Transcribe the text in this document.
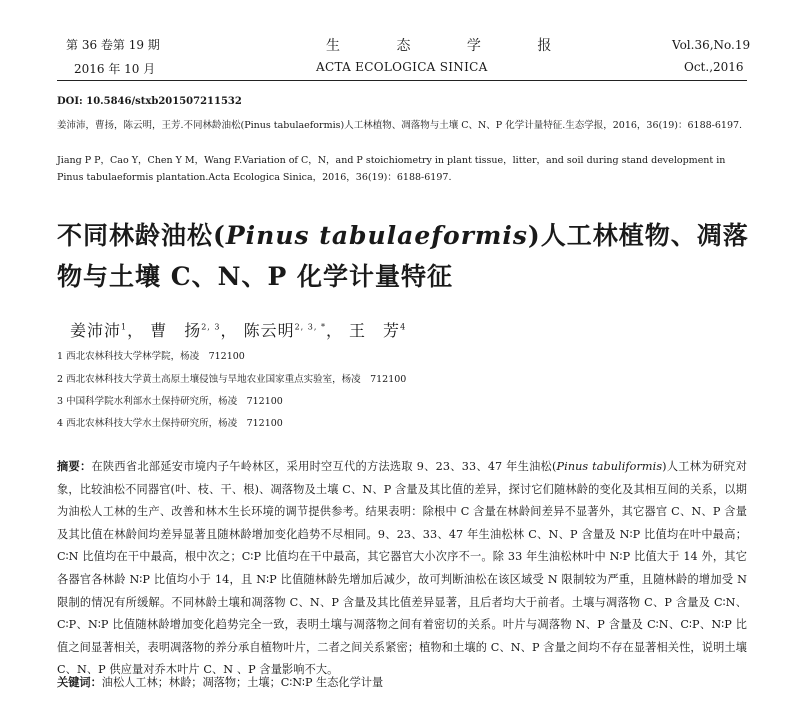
第 36 卷第 19 期
2016 年 10 月
生 态 学 报
ACTA ECOLOGICA SINICA
Vol.36,No.19
Oct.,2016
DOI: 10.5846/stxb201507211532
姜沛沛，曹扬，陈云明，王芳.不同林龄油松(Pinus tabulaeformis)人工林植物、凋落物与土壤 C、N、P 化学计量特征.生态学报，2016，36(19)：6188-6197.
Jiang P P，Cao Y，Chen Y M，Wang F.Variation of C，N，and P stoichiometry in plant tissue，litter，and soil during stand development in Pinus tabulaeformis plantation.Acta Ecologica Sinica，2016，36(19)：6188-6197.
不同林龄油松(Pinus tabulaeformis)人工林植物、凋落
物与土壤 C、N、P 化学计量特征
姜沛沛$^1$， 曹　扬$^{2, 3}$， 陈云明$^{2, 3, *}$， 王　芳$^4$
1 西北农林科技大学林学院，杨凌　712100
2 西北农林科技大学黄土高原土壤侵蚀与旱地农业国家重点实验室，杨凌　712100
3 中国科学院水利部水土保持研究所，杨凌　712100
4 西北农林科技大学水土保持研究所，杨凌　712100
摘要：在陕西省北部延安市境内子午岭林区，采用时空互代的方法选取 9、23、33、47 年生油松(Pinus tabuliformis)人工林为研究对象，比较油松不同器官(叶、枝、干、根)、凋落物及土壤 C、N、P 含量及其比值的差异，探讨它们随林龄的变化及其相互间的关系，以期为油松人工林的生产、改善和林木生长环境的调节提供参考。结果表明：除根中 C 含量在林龄间差异不显著外，其它器官 C、N、P 含量及其比值在林龄间均差异显著且随林龄增加变化趋势不尽相同。9、23、33、47 年生油松林 C、N、P 含量及 N∶P 比值均在叶中最高；C∶N 比值均在干中最高，根中次之；C∶P 比值均在干中最高，其它器官大小次序不一。除 33 年生油松林叶中 N∶P 比值大于 14 外，其它各器官各林龄 N∶P 比值均小于 14，且 N∶P 比值随林龄先增加后减少，故可判断油松在该区域受 N 限制较为严重，且随林龄的增加受 N 限制的情况有所缓解。不同林龄土壤和凋落物 C、N、P 含量及其比值差异显著，且后者均大于前者。土壤与凋落物 C、P 含量及 C∶N、C∶P、N∶P 比值随林龄增加变化趋势完全一致，表明土壤与凋落物之间有着密切的关系。叶片与凋落物 N、P 含量及 C∶N、C∶P、N∶P 比值之间显著相关，表明凋落物的养分承自植物叶片，二者之间关系紧密；植物和土壤的 C、N、P 含量之间均不存在显著相关性，说明土壤 C、N、P 供应量对乔木叶片 C、N 、P 含量影响不大。
关键词：油松人工林；林龄；凋落物；土壤；C∶N∶P 生态化学计量
